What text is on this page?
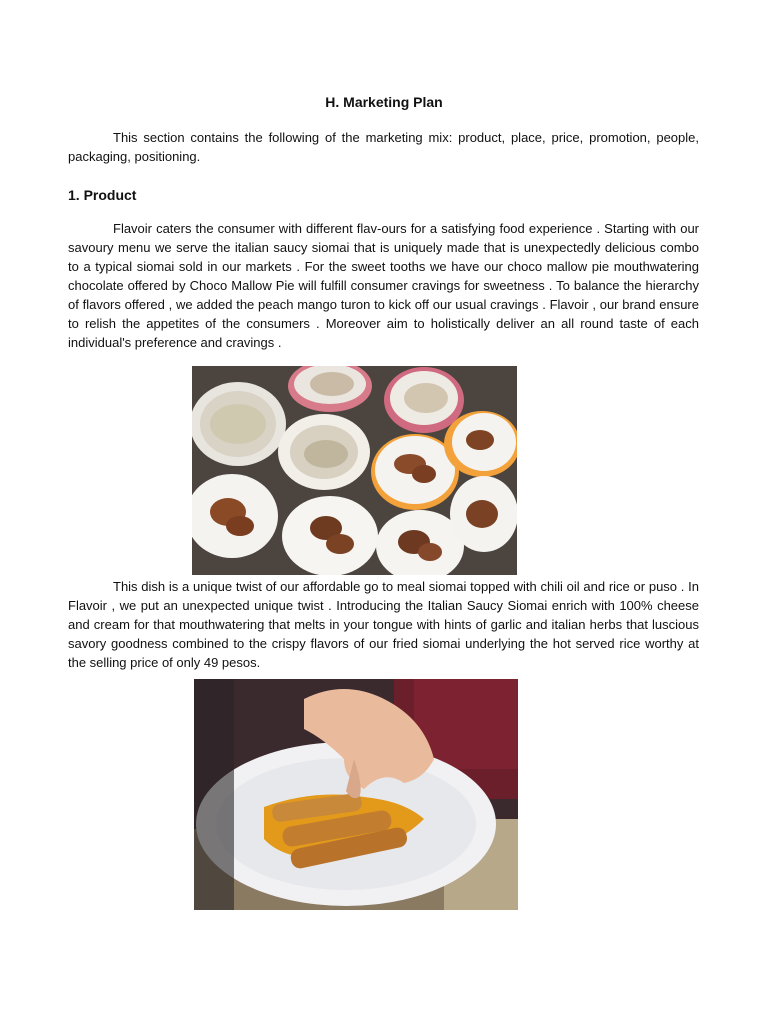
H. Marketing Plan

This section contains the following of the marketing mix: product, place, price, promotion, people, packaging, positioning.

1. Product

Flavoir caters the consumer with different flav-ours for a satisfying food experience . Starting with our savoury menu we serve the italian saucy siomai that is uniquely made that is unexpectedly delicious combo to a typical siomai sold in our markets . For the sweet tooths we have our choco mallow pie mouthwatering chocolate offered by Choco Mallow Pie will fulfill consumer cravings for sweetness . To balance the hierarchy of flavors offered , we added the peach mango turon to kick off our usual cravings . Flavoir , our brand ensure to relish the appetites of the consumers . Moreover aim to holistically deliver an all round taste of each individual's preference and cravings .

This dish is a unique twist of our affordable go to meal siomai topped with chili oil and rice or puso . In Flavoir , we put an unexpected unique twist . Introducing the Italian Saucy Siomai enrich with 100% cheese and cream for that mouthwatering that melts in your tongue with hints of garlic and italian herbs that luscious savory goodness combined to the crispy flavors of our fried siomai underlying the hot served rice worthy at the selling price of only 49 pesos.
